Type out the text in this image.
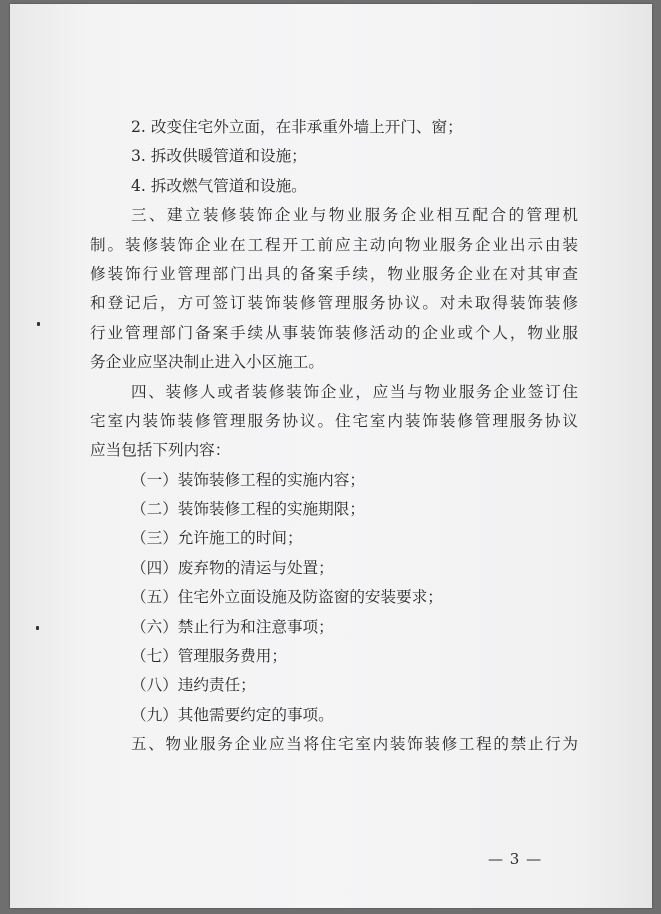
2. 改变住宅外立面，在非承重外墙上开门、窗；
3. 拆改供暖管道和设施；
4. 拆改燃气管道和设施。
三、建立装修装饰企业与物业服务企业相互配合的管理机
制。装修装饰企业在工程开工前应主动向物业服务企业出示由装
修装饰行业管理部门出具的备案手续，物业服务企业在对其审查
和登记后，方可签订装饰装修管理服务协议。对未取得装饰装修
行业管理部门备案手续从事装饰装修活动的企业或个人，物业服
务企业应坚决制止进入小区施工。
四、装修人或者装修装饰企业，应当与物业服务企业签订住
宅室内装饰装修管理服务协议。住宅室内装饰装修管理服务协议
应当包括下列内容：
（一）装饰装修工程的实施内容；
（二）装饰装修工程的实施期限；
（三）允许施工的时间；
（四）废弃物的清运与处置；
（五）住宅外立面设施及防盗窗的安装要求；
（六）禁止行为和注意事项；
（七）管理服务费用；
（八）违约责任；
（九）其他需要约定的事项。
五、物业服务企业应当将住宅室内装饰装修工程的禁止行为
— 3 —
